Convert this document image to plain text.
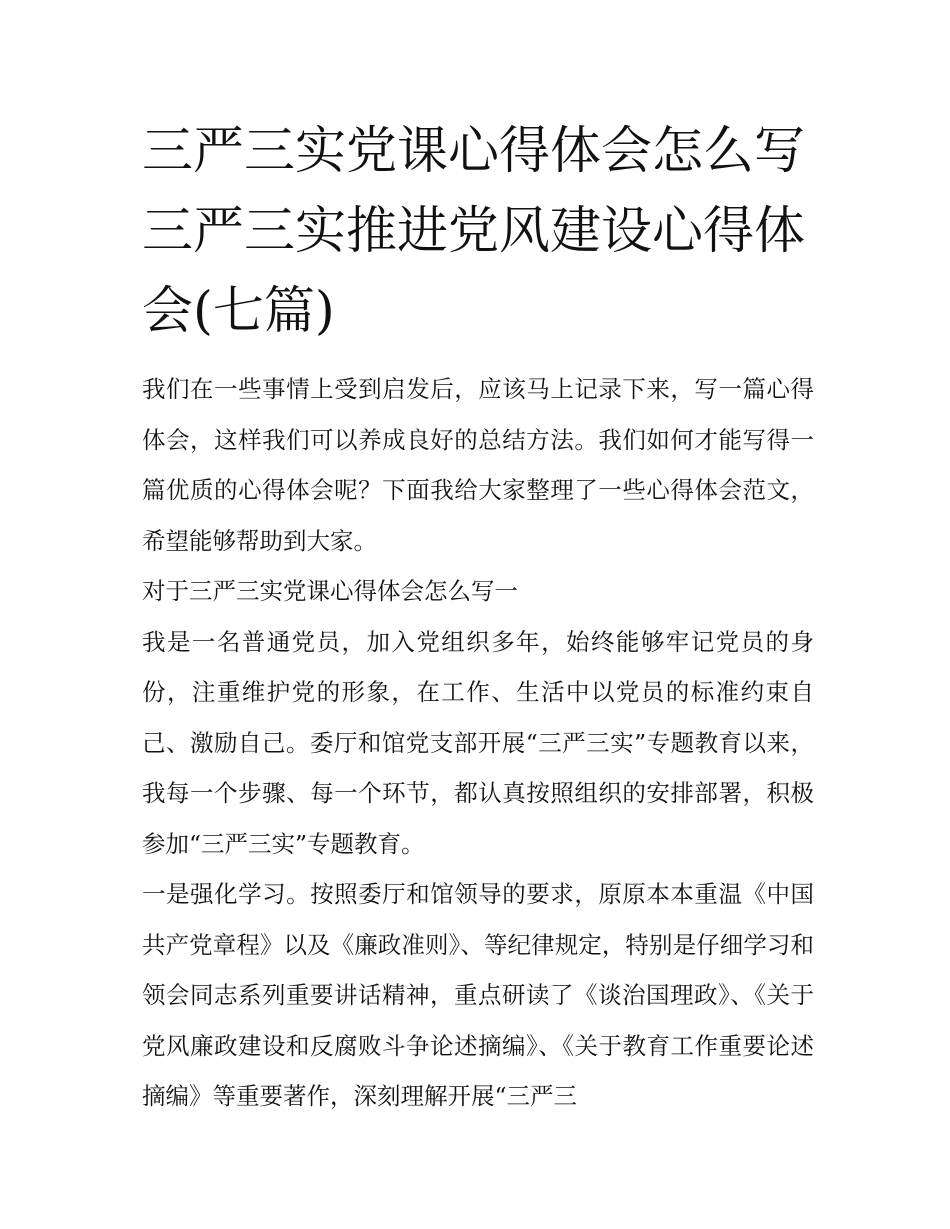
三严三实党课心得体会怎么写三严三实推进党风建设心得体会(七篇)

我们在一些事情上受到启发后，应该马上记录下来，写一篇心得体会，这样我们可以养成良好的总结方法。我们如何才能写得一篇优质的心得体会呢？下面我给大家整理了一些心得体会范文，希望能够帮助到大家。

对于三严三实党课心得体会怎么写一

我是一名普通党员，加入党组织多年，始终能够牢记党员的身份，注重维护党的形象，在工作、生活中以党员的标准约束自己、激励自己。委厅和馆党支部开展“三严三实”专题教育以来，我每一个步骤、每一个环节，都认真按照组织的安排部署，积极参加“三严三实”专题教育。

一是强化学习。按照委厅和馆领导的要求，原原本本重温《中国共产党章程》以及《廉政准则》、等纪律规定，特别是仔细学习和领会同志系列重要讲话精神，重点研读了《谈治国理政》、《关于党风廉政建设和反腐败斗争论述摘编》、《关于教育工作重要论述摘编》等重要著作，深刻理解开展“三严三
